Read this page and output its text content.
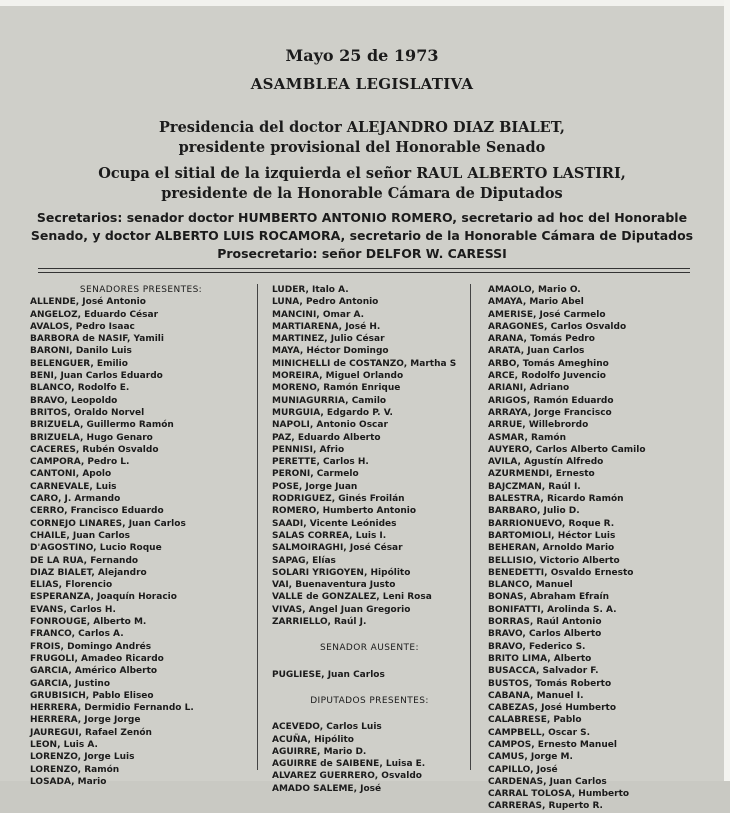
Mayo 25 de 1973
ASAMBLEA LEGISLATIVA
Presidencia del doctor ALEJANDRO DIAZ BIALET,
presidente provisional del Honorable Senado
Ocupa el sitial de la izquierda el señor RAUL ALBERTO LASTIRI,
presidente de la Honorable Cámara de Diputados
Secretarios: senador doctor HUMBERTO ANTONIO ROMERO, secretario ad hoc del Honorable
Senado, y doctor ALBERTO LUIS ROCAMORA, secretario de la Honorable Cámara de Diputados
Prosecretario: señor DELFOR W. CARESSI
SENADORES PRESENTES:
ALLENDE, José Antonio
ANGELOZ, Eduardo César
AVALOS, Pedro Isaac
BARBORA de NASIF, Yamili
BARONI, Danilo Luis
BELENGUER, Emilio
BENI, Juan Carlos Eduardo
BLANCO, Rodolfo E.
BRAVO, Leopoldo
BRITOS, Oraldo Norvel
BRIZUELA, Guillermo Ramón
BRIZUELA, Hugo Genaro
CACERES, Rubén Osvaldo
CAMPORA, Pedro L.
CANTONI, Apolo
CARNEVALE, Luis
CARO, J. Armando
CERRO, Francisco Eduardo
CORNEJO LINARES, Juan Carlos
CHAILE, Juan Carlos
D'AGOSTINO, Lucio Roque
DE LA RUA, Fernando
DIAZ BIALET, Alejandro
ELIAS, Florencio
ESPERANZA, Joaquín Horacio
EVANS, Carlos H.
FONROUGE, Alberto M.
FRANCO, Carlos A.
FROIS, Domingo Andrés
FRUGOLI, Amadeo Ricardo
GARCIA, Américo Alberto
GARCIA, Justino
GRUBISICH, Pablo Eliseo
HERRERA, Dermidio Fernando L.
HERRERA, Jorge Jorge
JAUREGUI, Rafael Zenón
LEON, Luis A.
LORENZO, Jorge Luis
LORENZO, Ramón
LOSADA, Mario
LUDER, Italo A.
LUNA, Pedro Antonio
MANCINI, Omar A.
MARTIARENA, José H.
MARTINEZ, Julio César
MAYA, Héctor Domingo
MINICHELLI de COSTANZO, Martha S
MOREIRA, Miguel Orlando
MORENO, Ramón Enrique
MUNIAGURRIA, Camilo
MURGUIA, Edgardo P. V.
NAPOLI, Antonio Oscar
PAZ, Eduardo Alberto
PENNISI, Afrio
PERETTE, Carlos H.
PERONI, Carmelo
POSE, Jorge Juan
RODRIGUEZ, Ginés Froilán
ROMERO, Humberto Antonio
SAADI, Vicente Leónides
SALAS CORREA, Luis I.
SALMOIRAGHI, José César
SAPAG, Elías
SOLARI YRIGOYEN, Hipólito
VAI, Buenaventura Justo
VALLE de GONZALEZ, Leni Rosa
VIVAS, Angel Juan Gregorio
ZARRIELLO, Raúl J.
SENADOR AUSENTE:
PUGLIESE, Juan Carlos
DIPUTADOS PRESENTES:
ACEVEDO, Carlos Luis
ACUÑA, Hipólito
AGUIRRE, Mario D.
AGUIRRE de SAIBENE, Luisa E.
ALVAREZ GUERRERO, Osvaldo
AMADO SALEME, José
AMAOLO, Mario O.
AMAYA, Mario Abel
AMERISE, José Carmelo
ARAGONES, Carlos Osvaldo
ARANA, Tomás Pedro
ARATA, Juan Carlos
ARBO, Tomás Ameghino
ARCE, Rodolfo Juvencio
ARIANI, Adriano
ARIGOS, Ramón Eduardo
ARRAYA, Jorge Francisco
ARRUE, Willebrordo
ASMAR, Ramón
AUYERO, Carlos Alberto Camilo
AVILA, Agustín Alfredo
AZURMENDI, Ernesto
BAJCZMAN, Raúl I.
BALESTRA, Ricardo Ramón
BARBARO, Julio D.
BARRIONUEVO, Roque R.
BARTOMIOLI, Héctor Luis
BEHERAN, Arnoldo Mario
BELLISIO, Victorio Alberto
BENEDETTI, Osvaldo Ernesto
BLANCO, Manuel
BONAS, Abraham Efraín
BONIFATTI, Arolinda S. A.
BORRAS, Raúl Antonio
BRAVO, Carlos Alberto
BRAVO, Federico S.
BRITO LIMA, Alberto
BUSACCA, Salvador F.
BUSTOS, Tomás Roberto
CABANA, Manuel I.
CABEZAS, José Humberto
CALABRESE, Pablo
CAMPBELL, Oscar S.
CAMPOS, Ernesto Manuel
CAMUS, Jorge M.
CAPILLO, José
CARDENAS, Juan Carlos
CARRAL TOLOSA, Humberto
CARRERAS, Ruperto R.
